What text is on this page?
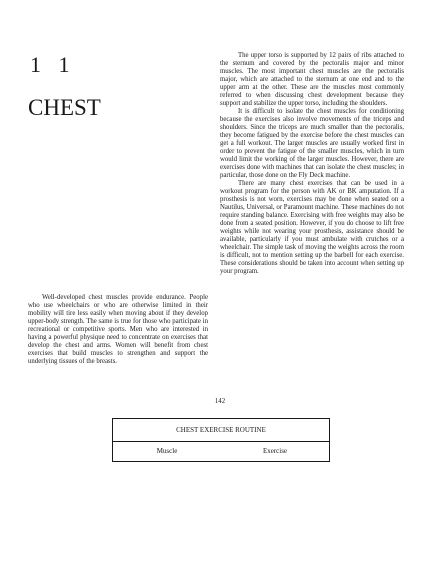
1 1
CHEST

The upper torso is supported by 12 pairs of ribs attached to the sternum and covered by the pectoralis major and minor muscles. The most important chest muscles are the pectoralis major, which are attached to the sternum at one end and to the upper arm at the other. These are the muscles most commonly referred to when discussing chest development because they support and stabilize the upper torso, including the shoulders.

It is difficult to isolate the chest muscles for conditioning because the exercises also involve movements of the triceps and shoulders. Since the triceps are much smaller than the pectoralis, they become fatigued by the exercise before the chest muscles can get a full workout. The larger muscles are usually worked first in order to prevent the fatigue of the smaller muscles, which in turn would limit the working of the larger muscles. However, there are exercises done with machines that can isolate the chest muscles; in particular, those done on the Fly Deck machine.

There are many chest exercises that can be used in a workout program for the person with AK or BK amputation. If a prosthesis is not worn, exercises may be done when seated on a Nautilus, Universal, or Paramount machine. These machines do not require standing balance. Exercising with free weights may also be done from a seated position. However, if you do choose to lift free weights while not wearing your prosthesis, assistance should be available, particularly if you must ambulate with crutches or a wheelchair. The simple task of moving the weights across the room is difficult, not to mention setting up the barbell for each exercise. These considerations should be taken into account when setting up your program.

Well-developed chest muscles provide endurance. People who use wheelchairs or who are otherwise limited in their mobility will tire less easily when moving about if they develop upper-body strength. The same is true for those who participate in recreational or competitive sports. Men who are interested in having a powerful physique need to concentrate on exercises that develop the chest and arms. Women will benefit from chest exercises that build muscles to strengthen and support the underlying tissues of the breasts.

142
CHEST EXERCISE ROUTINE
Muscle	Exercise
